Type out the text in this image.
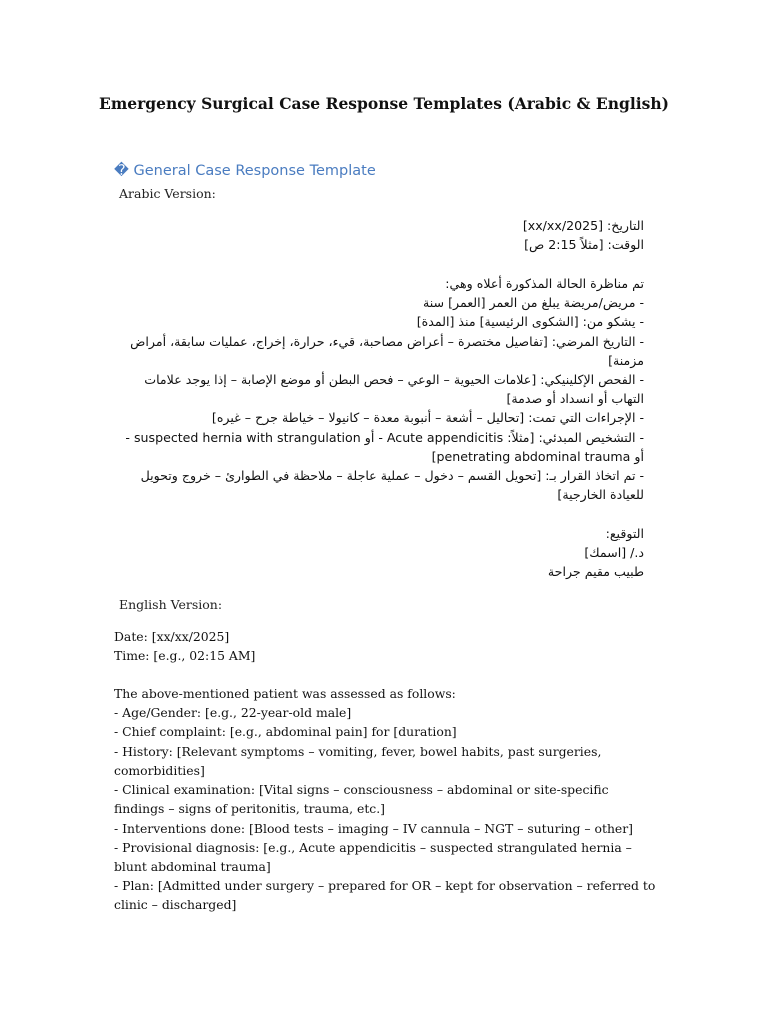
Emergency Surgical Case Response Templates (Arabic & English)
� General Case Response Template
Arabic Version:
التاريخ: [xx/xx/2025]
الوقت: [مثلاً 2:15 ص]
تم مناظرة الحالة المذكورة أعلاه وهي:
- مريض/مريضة يبلغ من العمر [العمر] سنة
- يشكو من: [الشكوى الرئيسية] منذ [المدة]
- التاريخ المرضي: [تفاصيل مختصرة – أعراض مصاحبة، قيء، حرارة، إخراج، عمليات سابقة، أمراض مزمنة]
- الفحص الإكلينيكي: [علامات الحيوية – الوعي – فحص البطن أو موضع الإصابة – إذا يوجد علامات التهاب أو انسداد أو صدمة]
- الإجراءات التي تمت: [تحاليل – أشعة – أنبوبة معدة – كانيولا – خياطة جرح – غيره]
- التشخيص المبدئي: [مثلاً: Acute appendicitis - أو suspected hernia with strangulation - أو penetrating abdominal trauma]
- تم اتخاذ القرار بـ: [تحويل القسم – دخول – عملية عاجلة – ملاحظة في الطوارئ – خروج وتحويل للعيادة الخارجية]
التوقيع:
د./ [اسمك]
طبيب مقيم جراحة
English Version:
Date: [xx/xx/2025]
Time: [e.g., 02:15 AM]
The above-mentioned patient was assessed as follows:
- Age/Gender: [e.g., 22-year-old male]
- Chief complaint: [e.g., abdominal pain] for [duration]
- History: [Relevant symptoms – vomiting, fever, bowel habits, past surgeries, comorbidities]
- Clinical examination: [Vital signs – consciousness – abdominal or site-specific findings – signs of peritonitis, trauma, etc.]
- Interventions done: [Blood tests – imaging – IV cannula – NGT – suturing – other]
- Provisional diagnosis: [e.g., Acute appendicitis – suspected strangulated hernia – blunt abdominal trauma]
- Plan: [Admitted under surgery – prepared for OR – kept for observation – referred to clinic – discharged]
